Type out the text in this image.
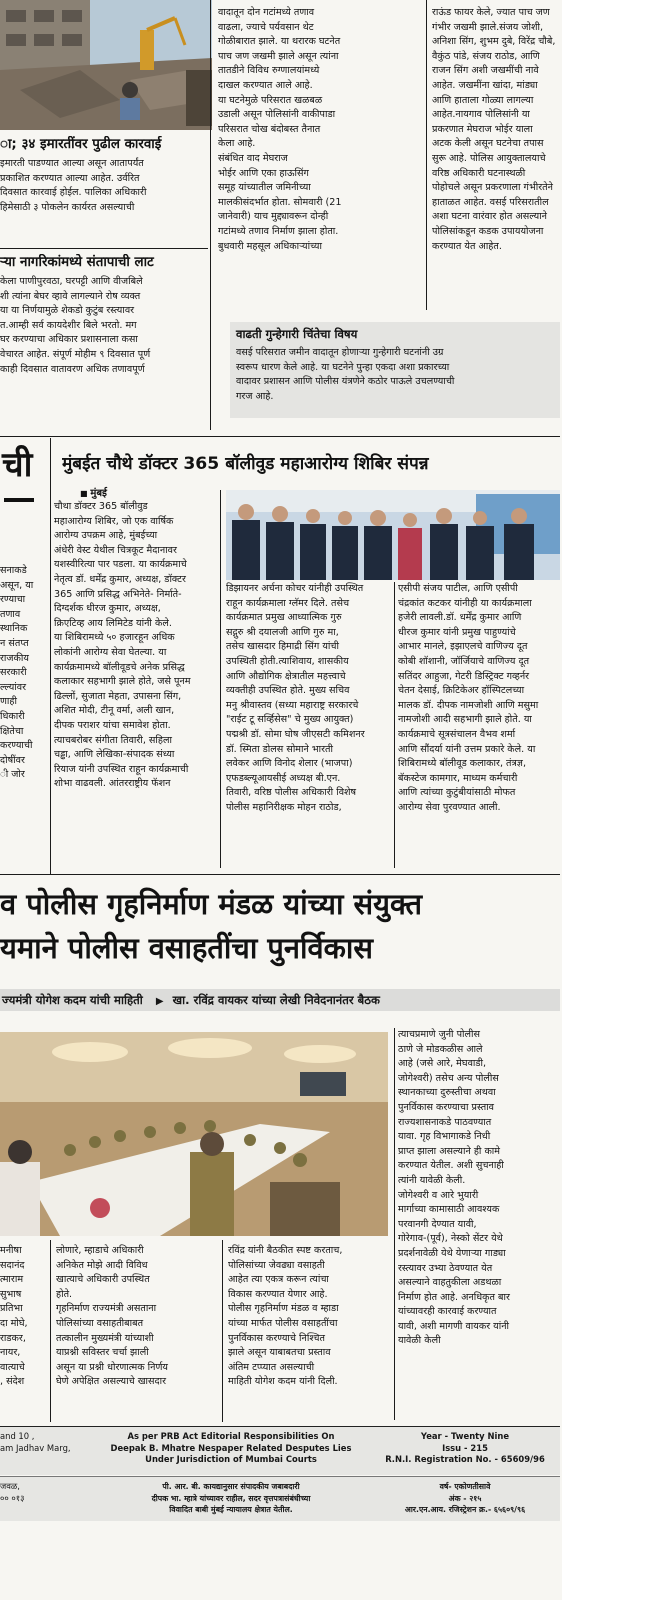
ा; ३४ इमारतींवर पुढील कारवाई

इमारती पाडण्यात आल्या असून आतापर्यंत

प्रकाशित करण्यात आल्या आहेत. उर्वरित

दिवसात कारवाई होईल. पालिका अधिकारी

हिमेसाठी ३ पोकलेन कार्यरत असल्याची

ऱ्या नागरिकांमध्ये संतापाची लाट

केला पाणीपुरवठा, घरपट्टी आणि वीजबिले

शी त्यांना बेघर व्हावे लागल्याने रोष व्यक्त

या या निर्णयामुळे शेकडो कुटुंब रस्त्यावर

त.आम्ही सर्व कायदेशीर बिले भरतो. मग

घर करण्याचा अधिकार प्रशासनाला कसा

वेचारत आहेत. संपूर्ण मोहीम ९ दिवसात पूर्ण

काही दिवसात वातावरण अधिक तणावपूर्ण

वादातून दोन गटांमध्ये तणाव

वाढला, ज्याचे पर्यवसान थेट

गोळीबारात झाले. या थरारक घटनेत

पाच जण जखमी झाले असून त्यांना

तातडीने विविध रुग्णालयांमध्ये

दाखल करण्यात आले आहे.

या घटनेमुळे परिसरात खळबळ

उडाली असून पोलिसांनी वाकीपाडा

परिसरात चोख बंदोबस्त तैनात

केला आहे.

संबंधित वाद मेघराज

भोईर आणि एका हाऊसिंग

समूह यांच्यातील जमिनीच्या

मालकीसंदर्भात होता. सोमवारी (21

जानेवारी) याच मुद्द्यावरून दोन्ही

गटांमध्ये तणाव निर्माण झाला होता.

बुधवारी महसूल अधिकाऱ्यांच्या

राऊंड फायर केले, ज्यात पाच जण

गंभीर जखमी झाले.संजय जोशी,

अनिशा सिंग, शुभम दुबे, विरेंद्र चौबे,

वैकुंठ पांडे, संजय राठोड, आणि

राजन सिंग अशी जखमींची नावे

आहेत. जखमींना खांदा, मांड्या

आणि हाताला गोळ्या लागल्या

आहेत.नायगाव पोलिसांनी या

प्रकरणात मेघराज भोईर याला

अटक केली असून घटनेचा तपास

सुरू आहे. पोलिस आयुक्तालयाचे

वरिष्ठ अधिकारी घटनास्थळी

पोहोचले असून प्रकरणाला गंभीरतेने

हाताळत आहेत. वसई परिसरातील

अशा घटना वारंवार होत असल्याने

पोलिसांकडून कडक उपाययोजना

करण्यात येत आहेत.

वाढती गुन्हेगारी चिंतेचा विषय

वसई परिसरात जमीन वादातून होणाऱ्या गुन्हेगारी घटनांनी उग्र

स्वरूप धारण केले आहे. या घटनेने पुन्हा एकदा अशा प्रकारच्या

वादावर प्रशासन आणि पोलीस यंत्रणेने कठोर पाऊले उचलण्याची

गरज आहे.

ची

सनाकडे

असून, या

रण्याचा

तणाव

स्थानिक

न संतप्त

राजकीय

सरकारी

ल्ल्यांवर

णाही

धिकारी

क्षितेचा

करण्याची

दोषींवर

ी जोर

मुंबईत चौथे डॉक्टर 365 बॉलीवुड महाआरोग्य शिबिर संपन्न
■ मुंबई

चौथा डॉक्टर 365 बॉलीवुड

महाआरोग्य शिबिर, जो एक वार्षिक

आरोग्य उपक्रम आहे, मुंबईच्या

अंधेरी वेस्ट येथील चित्रकूट मैदानावर

यशस्वीरित्या पार पडला. या कार्यक्रमाचे

नेतृत्व डॉ. धर्मेंद्र कुमार, अध्यक्ष, डॉक्टर

365 आणि प्रसिद्ध अभिनेते- निर्माते-

दिग्दर्शक धीरज कुमार, अध्यक्ष,

क्रिएटिव्ह आय लिमिटेड यांनी केले.

या शिबिरामध्ये ५० हजारहून अधिक

लोकांनी आरोग्य सेवा घेतल्या. या

कार्यक्रमामध्ये बॉलीवूडचे अनेक प्रसिद्ध

कलाकार सहभागी झाले होते, जसे पूनम

ढिल्लों, सुजाता मेहता, उपासना सिंग,

अशित मोदी, टीनू वर्मा, अली खान,

दीपक पराशर यांचा समावेश होता.

त्याचबरोबर संगीता तिवारी, सहिला

चड्ढा, आणि लेखिका-संपादक संध्या

रियाज यांनी उपस्थित राहून कार्यक्रमाची

शोभा वाढवली. आंतरराष्ट्रीय फॅशन

डिझायनर अर्चना कोचर यांनीही उपस्थित

राहून कार्यक्रमाला ग्लॅमर दिले. तसेच

कार्यक्रमात प्रमुख आध्यात्मिक गुरु

सद्गुरु श्री दयालजी आणि गुरु मा,

तसेच खासदार हिमाद्री सिंग यांची

उपस्थिती होती.त्याशिवाय, शासकीय

आणि औद्योगिक क्षेत्रातील महत्त्वाचे

व्यक्तीही उपस्थित होते. मुख्य सचिव

मनु श्रीवास्तव (सध्या महाराष्ट्र सरकारचे

"राईट टू सर्व्हिसेस" चे मुख्य आयुक्त)

पद्मश्री डॉ. सोमा घोष जीएसटी कमिशनर

डॉ. स्मिता डोलस सोमाने भारती

लवेकर आणि विनोद शेलार (भाजपा)

एफडब्ल्यूआयसीई अध्यक्ष बी.एन.

तिवारी, वरिष्ठ पोलीस अधिकारी विशेष

पोलीस महानिरीक्षक मोहन राठोड,

एसीपी संजय पाटील, आणि एसीपी

चंद्रकांत कटकर यांनीही या कार्यक्रमाला

हजेरी लावली.डॉ. धर्मेंद्र कुमार आणि

धीरज कुमार यांनी प्रमुख पाहुण्यांचे

आभार मानले, इझाएलचे वाणिज्य दूत

कोबी शॉशानी, जॉर्जियाचे वाणिज्य दूत

सतिंदर आहुजा, गेटरी डिस्ट्रिक्ट गव्हर्नर

चेतन देसाई, क्रिटिकेअर हॉस्पिटलच्या

मालक डॉ. दीपक नामजोशी आणि मसुमा

नामजोशी आदी सहभागी झाले होते. या

कार्यक्रमाचे सूत्रसंचालन वैभव शर्मा

आणि सौंदर्या यांनी उत्तम प्रकारे केले. या

शिबिरामध्ये बॉलीवूड कलाकार, तंत्रज्ञ,

बॅकस्टेज कामगार, माध्यम कर्मचारी

आणि त्यांच्या कुटुंबीयांसाठी मोफत

आरोग्य सेवा पुरवण्यात आली.

व पोलीस गृहनिर्माण मंडळ यांच्या संयुक्त
यमाने पोलीस वसाहतींचा पुनर्विकास
ज्यमंत्री योगेश कदम यांची माहिती ▶ खा. रविंद्र वायकर यांच्या लेखी निवेदनानंतर बैठक

त्याचप्रमाणे जुनी पोलीस

ठाणे जे मोडकळीस आले

आहे (जसे आरे, मेघवाडी,

जोगेश्वरी) तसेच अन्य पोलीस

स्थानकाच्या दुरुस्तीचा अथवा

पुनर्विकास करण्याचा प्रस्ताव

राज्यशासनाकडे पाठवण्यात

यावा. गृह विभागाकडे निधी

प्राप्त झाला असल्याने ही कामे

करण्यात येतील. अशी सुचनाही

त्यांनी यावेळी केली.

जोगेश्वरी व आरे भुयारी

मार्गाच्या कामासाठी आवश्यक

परवानगी देण्यात यावी,

गोरेगाव-(पूर्व), नेस्को सेंटर येथे

प्रदर्शनावेळी येथे येणाऱ्या गाड्या

रस्त्यावर उभ्या ठेवण्यात येत

असल्याने वाहतुकीला अडथळा

निर्माण होत आहे. अनधिकृत बार

यांच्यावरही कारवाई करण्यात

यावी, अशी मागणी वायकर यांनी

यावेळी केली

मनीषा

सदानंद

त्माराम

सुभाष

प्रतिभा

दा मोघे,

राडकर,

नायर,

वात्याचे

, संदेश

लोणारे, म्हाडाचे अधिकारी

अनिकेत मोझे आदी विविध

खात्याचे अधिकारी उपस्थित

होते.

गृहनिर्माण राज्यमंत्री असताना

पोलिसांच्या वसाहतीबाबत

तत्कालीन मुख्यमंत्री यांच्याशी

याप्रश्नी सविस्तर चर्चा झाली

असून या प्रश्नी धोरणात्मक निर्णय

घेणे अपेक्षित असल्याचे खासदार

रविंद्र यांनी बैठकीत स्पष्ट करताच,

पोलिसांच्या जेवढ्या वसाहती

आहेत त्या एकत्र करून त्यांचा

विकास करण्यात येणार आहे.

पोलीस गृहनिर्माण मंडळ व म्हाडा

यांच्या मार्फत पोलीस वसाहतींचा

पुनर्विकास करण्याचे निश्चित

झाले असून याबाबतचा प्रस्ताव

अंतिम टप्प्यात असल्याची

माहिती योगेश कदम यांनी दिली.

and 10 ,
am Jadhav Marg,
As per PRB Act Editorial Responsibilities On
Deepak B. Mhatre Nespaper Related Desputes Lies
Under Jurisdiction of Mumbai Courts
Year - Twenty Nine
Issu - 215
R.N.I. Registration No. - 65609/96
जवळ,
०० ०१३
पी. आर. बी. कायद्यानुसार संपादकीय जबाबदारी
दीपक भा. म्हात्रे यांच्यावर राहील, सदर वृत्तपत्रासंबंधीच्या
विवादित बाबी मुंबई न्यायालय क्षेत्रात येतील.
वर्ष- एकोणतीसावे
अंक - २१५
आर.एन.आय. रजिस्ट्रेशन क्र.- ६५६०९/९६
